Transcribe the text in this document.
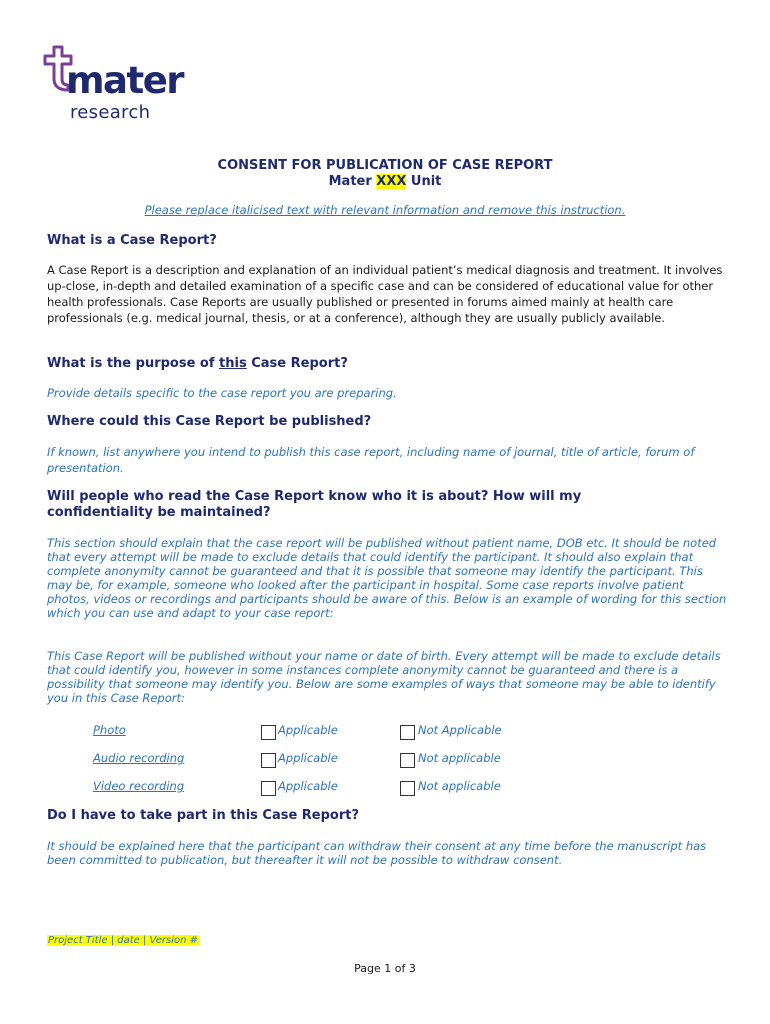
mater
research

CONSENT FOR PUBLICATION OF CASE REPORT

Mater XXX Unit

Please replace italicised text with relevant information and remove this instruction.

What is a Case Report?

A Case Report is a description and explanation of an individual patient’s medical diagnosis and treatment. It involves up-close, in-depth and detailed examination of a specific case and can be considered of educational value for other health professionals. Case Reports are usually published or presented in forums aimed mainly at health care professionals (e.g. medical journal, thesis, or at a conference), although they are usually publicly available.

What is the purpose of this Case Report?

Provide details specific to the case report you are preparing.

Where could this Case Report be published?

If known, list anywhere you intend to publish this case report, including name of journal, title of article, forum of presentation.

Will people who read the Case Report know who it is about? How will my confidentiality be maintained?

This section should explain that the case report will be published without patient name, DOB etc. It should be noted that every attempt will be made to exclude details that could identify the participant. It should also explain that complete anonymity cannot be guaranteed and that it is possible that someone may identify the participant. This may be, for example, someone who looked after the participant in hospital. Some case reports involve patient photos, videos or recordings and participants should be aware of this. Below is an example of wording for this section which you can use and adapt to your case report:

This Case Report will be published without your name or date of birth. Every attempt will be made to exclude details that could identify you, however in some instances complete anonymity cannot be guaranteed and there is a possibility that someone may identify you. Below are some examples of ways that someone may be able to identify you in this Case Report:

Photo	Applicable	Not Applicable
Audio recording	Applicable	Not applicable
Video recording	Applicable	Not applicable

Do I have to take part in this Case Report?

It should be explained here that the participant can withdraw their consent at any time before the manuscript has been committed to publication, but thereafter it will not be possible to withdraw consent.

Project Title | date | Version #
Page 1 of 3
